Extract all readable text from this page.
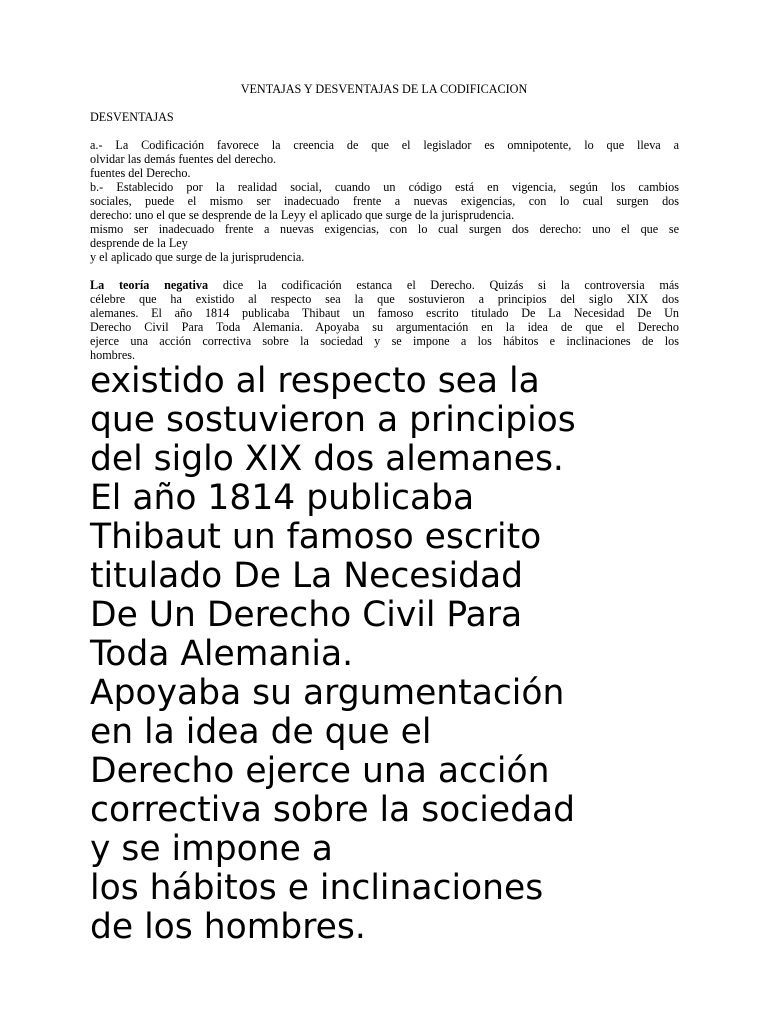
VENTAJAS Y DESVENTAJAS DE LA CODIFICACION
DESVENTAJAS
a.- La Codificación favorece la creencia de que el legislador es omnipotente, lo que lleva a
olvidar las demás fuentes del derecho.
fuentes del Derecho.
b.- Establecido por la realidad social, cuando un código está en vigencia, según los cambios
sociales, puede el mismo ser inadecuado frente a nuevas exigencias, con lo cual surgen dos
derecho: uno el que se desprende de la Leyy el aplicado que surge de la jurisprudencia.
mismo ser inadecuado frente a nuevas exigencias, con lo cual surgen dos derecho: uno el que se
desprende de la Ley
y el aplicado que surge de la jurisprudencia.
La teoría negativa dice la codificación estanca el Derecho. Quizás si la controversia más
célebre que ha existido al respecto sea la que sostuvieron a principios del siglo XIX dos
alemanes. El año 1814 publicaba Thibaut un famoso escrito titulado De La Necesidad De Un
Derecho Civil Para Toda Alemania. Apoyaba su argumentación en la idea de que el Derecho
ejerce una acción correctiva sobre la sociedad y se impone a los hábitos e inclinaciones de los
hombres.
existido al respecto sea la
que sostuvieron a principios
del siglo XIX dos alemanes.
El año 1814 publicaba
Thibaut un famoso escrito
titulado De La Necesidad
De Un Derecho Civil Para
Toda Alemania.
Apoyaba su argumentación
en la idea de que el
Derecho ejerce una acción
correctiva sobre la sociedad
y se impone a
los hábitos e inclinaciones
de los hombres.
